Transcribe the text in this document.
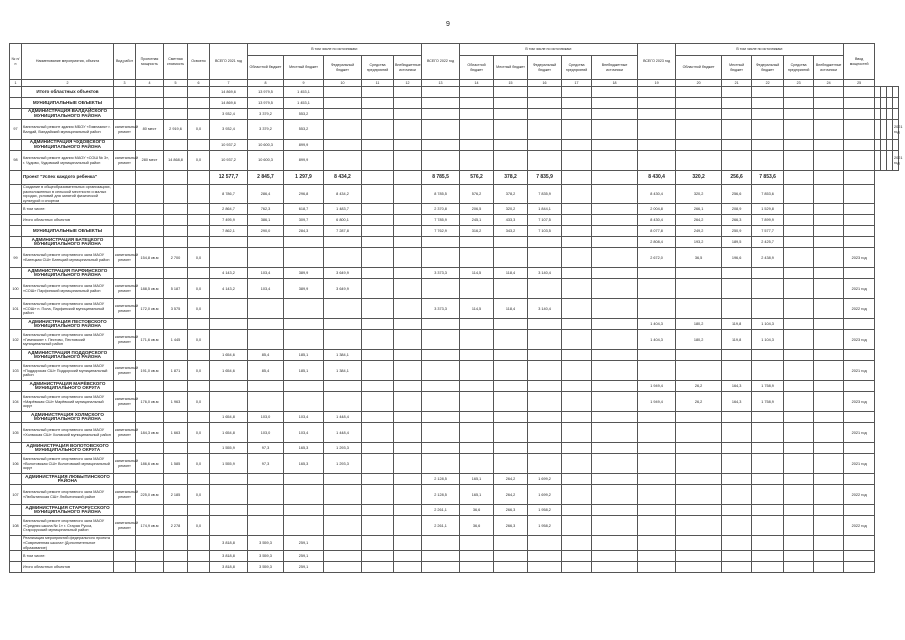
9
№ п/п	Наименование мероприятия, объекта	Вид работ	Проектная мощность	Сметная стоимость	Освоено	ВСЕГО 2021 год	В том числе по источникам:					ВСЕГО 2022 год	В том числе по источникам:					ВСЕГО 2023 год	В том числе по источникам:					Ввод мощностей				
							Областной бюджет	Местный бюджет	Федеральный бюджет	Средства предприятий	Внебюджетные источники		Областной бюджет	Местный бюджет	Федеральный бюджет	Средства предприятий	Внебюджетные источники		Областной бюджет	Местный бюджет	Федеральный бюджет	Средства предприятий	Внебюджетные источники					
1	2	3	4	5	6	7	8	9	10	11	12	13	14	15	16	17	18	19	20	21	22	23	24	25				
	Итого областных объектов					14 869,6	13 979,5	1 453,1																				
	МУНИЦИПАЛЬНЫЕ ОБЪЕКТЫ					14 869,6	13 979,5	1 453,1																				
	АДМИНИСТРАЦИЯ ВАЛДАЙСКОГО МУНИЦИПАЛЬНОГО РАЙОНА					3 932,4	3 379,2	553,2																				
97	Капитальный ремонт здания МБОУ «Гимназия» г. Валдай, Валдайский муниципальный район	капитальный ремонт	80 мест	2 919,6	0,0	3 932,4	3 379,2	553,2																				2021 год
	АДМИНИСТРАЦИЯ ЧУДОВСКОГО МУНИЦИПАЛЬНОГО РАЙОНА					10 937,2	10 600,3	899,9																				
98	Капитальный ремонт здания МАОУ «СОШ № 3», г. Чудово, Чудовский муниципальный район	капитальный ремонт	280 мест	14 868,8	0,0	10 937,2	10 600,3	899,9																				2021 год
	Проект "Успех каждого ребенка"					12 577,7	2 845,7	1 297,9	8 434,2			8 785,5	576,2	378,2	7 835,9			8 430,4	320,2	256,6	7 853,6							
	Создание в общеобразовательных организациях, расположенных в сельской местности и малых городах, условий для занятий физической культурой и спортом					8 786,7	286,4	296,8	8 434,2			8 785,5	576,2	378,2	7 835,9			8 430,4	320,2	256,6	7 853,6							
	В том числе:					2 864,7	762,3	618,7	1 483,7			2 370,8	206,5	320,2	1 844,1			2 004,8	266,1	208,9	1 529,8							
	Итого областных объектов					7 495,9	386,1	309,7	6 800,1			7 785,9	245,1	433,3	7 107,5			8 430,4	264,2	266,3	7 899,9							
	МУНИЦИПАЛЬНЫЕ ОБЪЕКТЫ					7 862,1	290,0	284,3	7 287,8			7 762,9	316,2	343,2	7 103,5			8 077,8	249,2	250,9	7 577,7							
	АДМИНИСТРАЦИЯ БАТЕЦКОГО МУНИЦИПАЛЬНОГО РАЙОНА																	2 808,4	193,2	189,5	2 425,7							
99	Капитальный ремонт спортивного зала МАОУ «Батецкая СШ» Батецкий муниципальный район	капитальный ремонт	154,8 кв.м	2 700	0,0													2 672,0	36,5	196,6	2 438,9			2023 год				
	АДМИНИСТРАЦИЯ ПАРФИНСКОГО МУНИЦИПАЛЬНОГО РАЙОНА					4 143,2	103,4	389,9	3 649,9			3 373,3	114,5	118,4	3 140,4													
100	Капитальный ремонт спортивного зала МАОУ «СОШ» Парфинский муниципальный район	капитальный ремонт	188,5 кв.м	5 187	0,0	4 143,2	103,4	389,9	3 649,9															2021 год				
101	Капитальный ремонт спортивного зала МАОУ «СОШ» п. Пола, Парфинский муниципальный район	капитальный ремонт	172,0 кв.м	3 575	0,0							3 373,3	114,5	118,4	3 140,4									2022 год				
	АДМИНИСТРАЦИЯ ПЕСТОВСКОГО МУНИЦИПАЛЬНОГО РАЙОНА																	1 404,3	180,2	119,8	1 104,3							
102	Капитальный ремонт спортивного зала МАОУ «Гимназия» г. Пестово, Пестовский муниципальный район	капитальный ремонт	171,6 кв.м	1 445	0,0													1 404,3	180,2	119,8	1 104,3			2023 год				
	АДМИНИСТРАЦИЯ ПОДДОРСКОГО МУНИЦИПАЛЬНОГО РАЙОНА					1 654,6	85,4	185,1	1 384,1																			
103	Капитальный ремонт спортивного зала МАОУ «Поддорская СШ» Поддорский муниципальный район	капитальный ремонт	191,0 кв.м	1 871	0,0	1 654,6	85,4	185,1	1 384,1															2021 год				
	АДМИНИСТРАЦИЯ МАРЁВСКОГО МУНИЦИПАЛЬНОГО ОКРУГА																	1 949,4	26,2	164,3	1 758,9							
104	Капитальный ремонт спортивного зала МАОУ «Марёвская СШ» Марёвский муниципальный округ	капитальный ремонт	176,0 кв.м	1 963	0,0													1 949,4	26,2	164,3	1 758,9			2023 год				
	АДМИНИСТРАЦИЯ ХОЛМСКОГО МУНИЦИПАЛЬНОГО РАЙОНА					1 654,8	103,0	103,4	1 448,4																			
105	Капитальный ремонт спортивного зала МАОУ «Холмская СШ» Холмский муниципальный район	капитальный ремонт	184,3 кв.м	1 663	0,0	1 654,8	103,0	103,4	1 448,4															2021 год				
	АДМИНИСТРАЦИЯ ВОЛОТОВСКОГО МУНИЦИПАЛЬНОГО ОКРУГА					1 555,9	97,3	165,3	1 293,3																			
106	Капитальный ремонт спортивного зала МАОУ «Волотовская СШ» Волотовский муниципальный округ	капитальный ремонт	186,6 кв.м	1 585	0,0	1 555,9	97,3	165,3	1 293,3															2021 год				
	АДМИНИСТРАЦИЯ ЛЮБЫТИНСКОГО РАЙОНА											2 128,5	165,1	264,2	1 699,2													
107	Капитальный ремонт спортивного зала МАОУ «Любытинская СШ» Любытинский район	капитальный ремонт	225,0 кв.м	2 185	0,0							2 128,5	165,1	264,2	1 699,2									2022 год				
	АДМИНИСТРАЦИЯ СТАРОРУССКОГО МУНИЦИПАЛЬНОГО РАЙОНА											2 261,1	36,6	266,3	1 958,2													
108	Капитальный ремонт спортивного зала МАОУ «Средняя школа № 1» г. Старая Русса, Старорусский муниципальный район	капитальный ремонт	174,9 кв.м	2 278	0,0							2 261,1	36,6	266,3	1 958,2									2022 год				
	Реализация мероприятий федерального проекта «Современная школа» (Дополнительное образование)					3 818,8	3 559,3	259,1																				
	В том числе:					3 818,8	3 559,3	259,1																				
	Итого областных объектов					3 818,8	3 559,3	259,1																				
